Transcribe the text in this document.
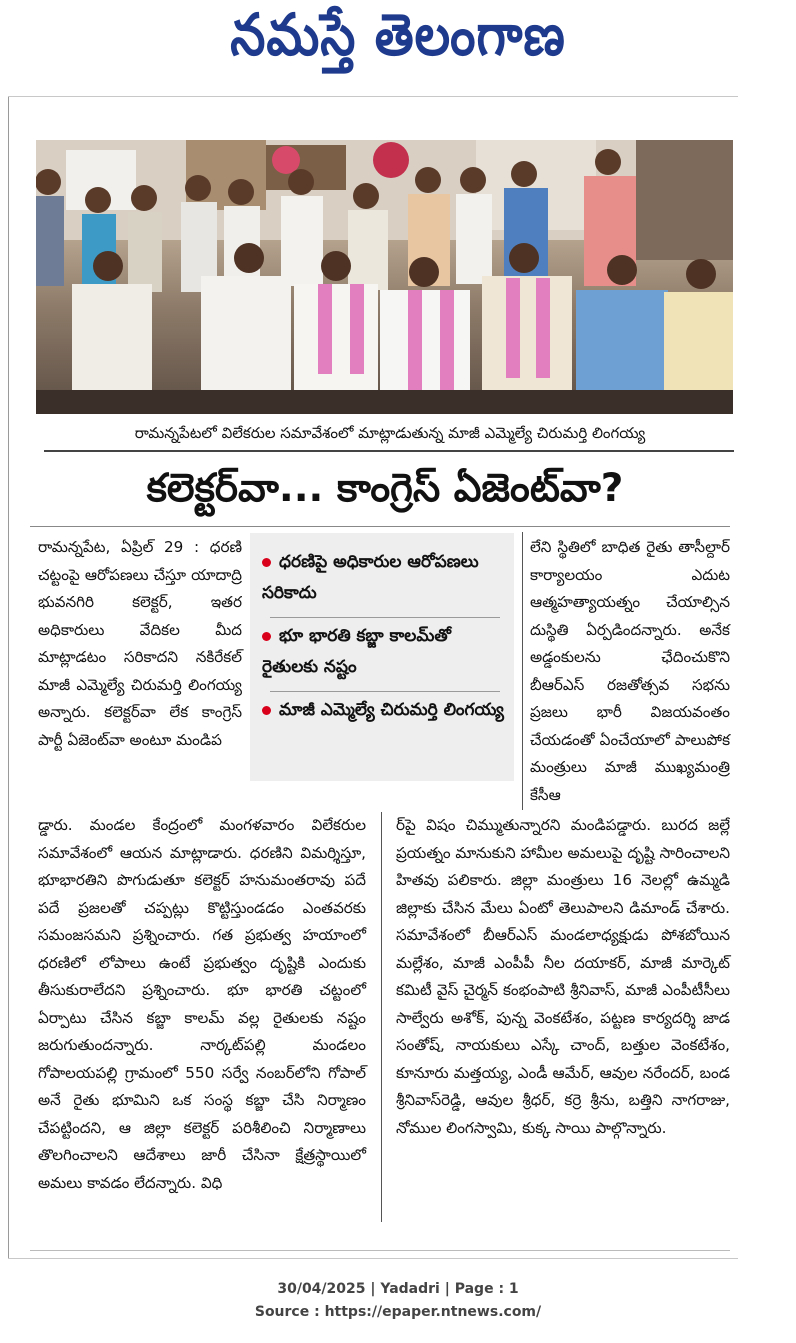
నమస్తే తెలంగాణ
రామన్నపేటలో విలేకరుల సమావేశంలో మాట్లాడుతున్న మాజీ ఎమ్మెల్యే చిరుమర్తి లింగయ్య
కలెక్టర్‌వా... కాంగ్రెస్ ఏజెంట్‌వా?

రామన్నపేట, ఏప్రిల్ 29 : ధరణి చట్టంపై ఆరోపణలు చేస్తూ యాదాద్రి భువనగిరి కలెక్టర్, ఇతర అధికారులు వేదికల మీద మాట్లాడటం సరికాదని నకిరేకల్ మాజీ ఎమ్మెల్యే చిరుమర్తి లింగయ్య అన్నారు. కలెక్టర్‌వా లేక కాంగ్రెస్ పార్టీ ఏజెంట్‌వా అంటూ మండిప

ధరణిపై అధికారుల ఆరోపణలు సరికాదు
భూ భారతి కబ్జా కాలమ్‌తో రైతులకు నష్టం
మాజీ ఎమ్మెల్యే చిరుమర్తి లింగయ్య

లేని స్థితిలో బాధిత రైతు తాసీల్దార్ కార్యాలయం ఎదుట ఆత్మహత్యాయత్నం చేయాల్సిన దుస్థితి ఏర్పడిందన్నారు. అనేక అడ్డంకులను ఛేదించుకొని బీఆర్ఎస్ రజతోత్సవ సభను ప్రజలు భారీ విజయవంతం చేయడంతో ఏంచేయాలో పాలుపోక మంత్రులు మాజీ ముఖ్యమంత్రి కేసీఆ

డ్డారు. మండల కేంద్రంలో మంగళవారం విలేకరుల సమావేశంలో ఆయన మాట్లాడారు. ధరణిని విమర్శిస్తూ, భూభారతిని పొగుడుతూ కలెక్టర్ హనుమంతరావు పదే పదే ప్రజలతో చప్పట్లు కొట్టిస్తుండడం ఎంతవరకు సమంజసమని ప్రశ్నించారు. గత ప్రభుత్వ హయాంలో ధరణిలో లోపాలు ఉంటే ప్రభుత్వం దృష్టికి ఎందుకు తీసుకురాలేదని ప్రశ్నించారు. భూ భారతి చట్టంలో ఏర్పాటు చేసిన కబ్జా కాలమ్ వల్ల రైతులకు నష్టం జరుగుతుందన్నారు. నార్కట్‌పల్లి మండలం గోపాలయపల్లి గ్రామంలో 550 సర్వే నంబర్‌లోని గోపాల్ అనే రైతు భూమిని ఒక సంస్థ కబ్జా చేసి నిర్మాణం చేపట్టిందని, ఆ జిల్లా కలెక్టర్ పరిశీలించి నిర్మాణాలు తొలగించాలని ఆదేశాలు జారీ చేసినా క్షేత్రస్థాయిలో అమలు కావడం లేదన్నారు. విధి

ర్‌పై విషం చిమ్ముతున్నారని మండిపడ్డారు. బురద జల్లే ప్రయత్నం మానుకుని హామీల అమలుపై దృష్టి సారించాలని హితవు పలికారు. జిల్లా మంత్రులు 16 నెలల్లో ఉమ్మడి జిల్లాకు చేసిన మేలు ఏంటో తెలుపాలని డిమాండ్ చేశారు. సమావేశంలో బీఆర్ఎస్ మండలాధ్యక్షుడు పోశబోయిన మల్లేశం, మాజీ ఎంపీపీ నీల దయాకర్, మాజీ మార్కెట్ కమిటీ వైస్ చైర్మన్ కంభంపాటి శ్రీనివాస్, మాజీ ఎంపీటీసీలు సాల్వేరు అశోక్, పున్న వెంకటేశం, పట్టణ కార్యదర్శి జాడ సంతోష్, నాయకులు ఎస్కే చాంద్, బత్తుల వెంకటేశం, కూనూరు మత్తయ్య, ఎండీ ఆమేర్, ఆవుల నరేందర్, బండ శ్రీనివాస్‌రెడ్డి, ఆవుల శ్రీధర్, కర్రె శ్రీను, బత్తిని నాగరాజు, నోముల లింగస్వామి, కుక్క సాయి పాల్గొన్నారు.

30/04/2025 | Yadadri | Page : 1
Source : https://epaper.ntnews.com/
